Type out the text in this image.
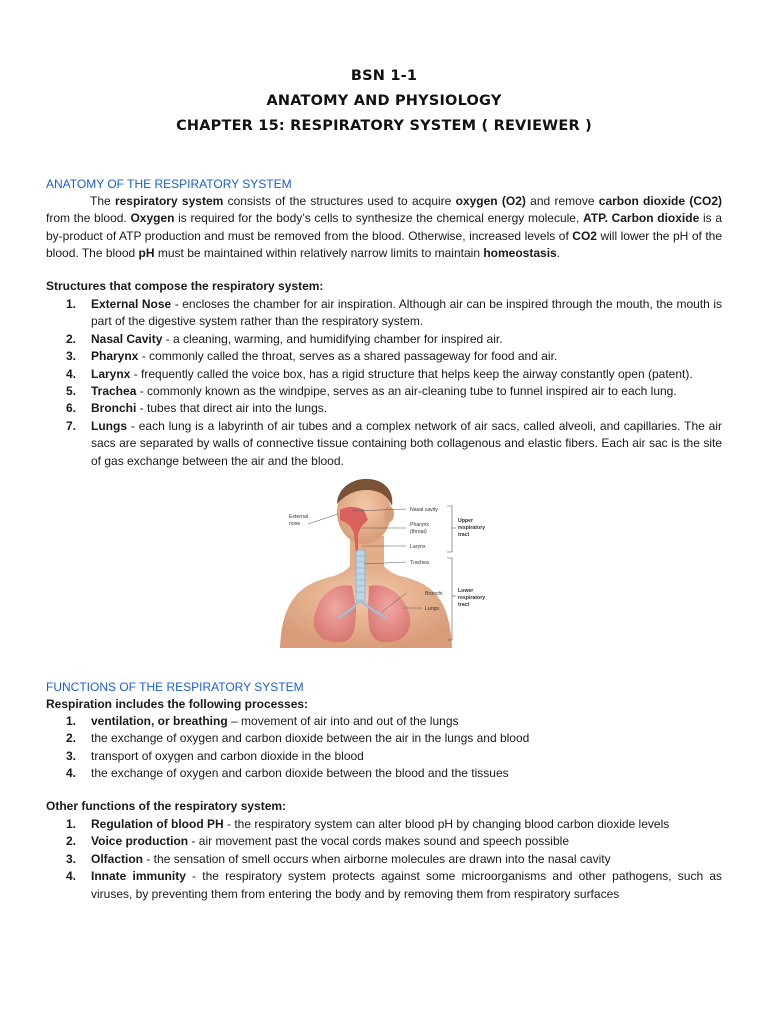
BSN 1-1
ANATOMY AND PHYSIOLOGY
CHAPTER 15: RESPIRATORY SYSTEM ( REVIEWER )
ANATOMY OF THE RESPIRATORY SYSTEM
The respiratory system consists of the structures used to acquire oxygen (O2) and remove carbon dioxide (CO2) from the blood. Oxygen is required for the body’s cells to synthesize the chemical energy molecule, ATP. Carbon dioxide is a by-product of ATP production and must be removed from the blood. Otherwise, increased levels of CO2 will lower the pH of the blood. The blood pH must be maintained within relatively narrow limits to maintain homeostasis.
Structures that compose the respiratory system:
1. External Nose - encloses the chamber for air inspiration. Although air can be inspired through the mouth, the mouth is part of the digestive system rather than the respiratory system.
2. Nasal Cavity - a cleaning, warming, and humidifying chamber for inspired air.
3. Pharynx - commonly called the throat, serves as a shared passageway for food and air.
4. Larynx - frequently called the voice box, has a rigid structure that helps keep the airway constantly open (patent).
5. Trachea - commonly known as the windpipe, serves as an air-cleaning tube to funnel inspired air to each lung.
6. Bronchi - tubes that direct air into the lungs.
7. Lungs - each lung is a labyrinth of air tubes and a complex network of air sacs, called alveoli, and capillaries. The air sacs are separated by walls of connective tissue containing both collagenous and elastic fibers. Each air sac is the site of gas exchange between the air and the blood.
External
nose
Nasal cavity
Pharynx
(throat)
Larynx
Trachea
Bronchi
Lungs
Upper
respiratory
tract
Lower
respiratory
tract
FUNCTIONS OF THE RESPIRATORY SYSTEM
Respiration includes the following processes:
1. ventilation, or breathing – movement of air into and out of the lungs
2. the exchange of oxygen and carbon dioxide between the air in the lungs and blood
3. transport of oxygen and carbon dioxide in the blood
4. the exchange of oxygen and carbon dioxide between the blood and the tissues
Other functions of the respiratory system:
1. Regulation of blood PH - the respiratory system can alter blood pH by changing blood carbon dioxide levels
2. Voice production - air movement past the vocal cords makes sound and speech possible
3. Olfaction - the sensation of smell occurs when airborne molecules are drawn into the nasal cavity
4. Innate immunity - the respiratory system protects against some microorganisms and other pathogens, such as viruses, by preventing them from entering the body and by removing them from respiratory surfaces
